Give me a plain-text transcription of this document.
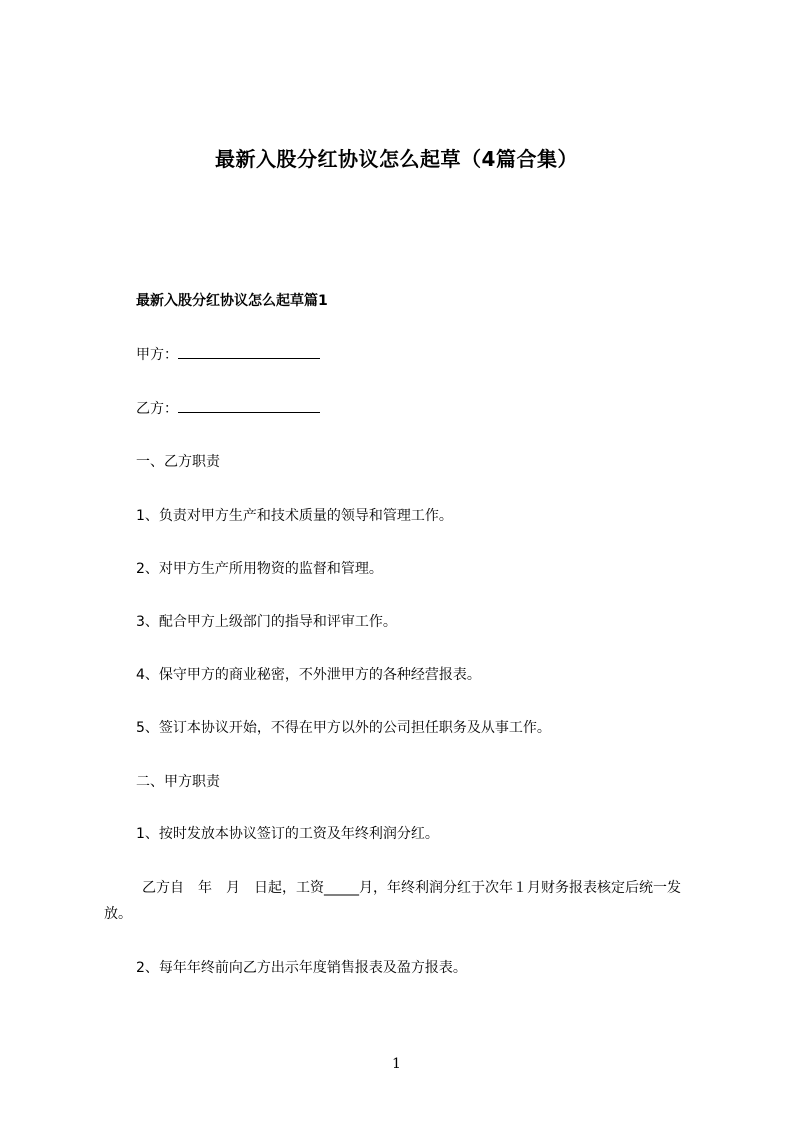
最新入股分红协议怎么起草（4篇合集）
最新入股分红协议怎么起草篇1
甲方：
乙方：
一、乙方职责
1、负责对甲方生产和技术质量的领导和管理工作。
2、对甲方生产所用物资的监督和管理。
3、配合甲方上级部门的指导和评审工作。
4、保守甲方的商业秘密，不外泄甲方的各种经营报表。
5、签订本协议开始，不得在甲方以外的公司担任职务及从事工作。
二、甲方职责
1、按时发放本协议签订的工资及年终利润分红。
乙方自　年　月　日起，工资_____月，年终利润分红于次年１月财务报表核定后统一发放。
2、每年年终前向乙方出示年度销售报表及盈方报表。
1
